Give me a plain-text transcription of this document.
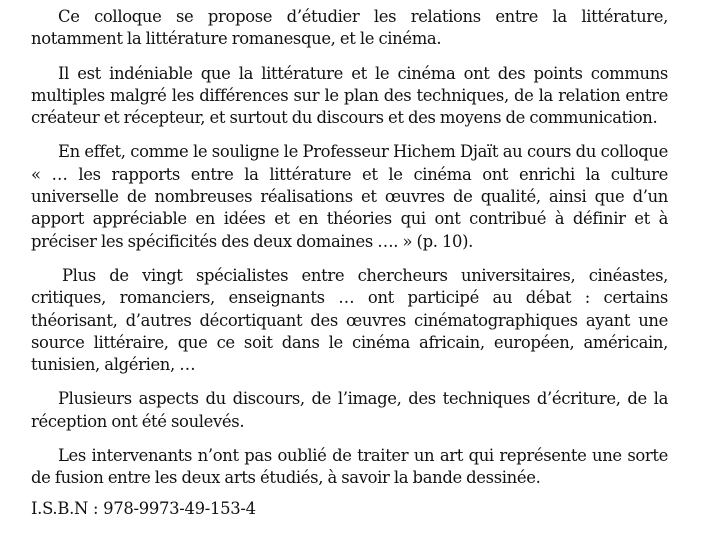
Ce colloque se propose d’étudier les relations entre la littérature, notamment la littérature romanesque, et le cinéma.

Il est indéniable que la littérature et le cinéma ont des points communs multiples malgré les différences sur le plan des techniques, de la relation entre créateur et récepteur, et surtout du discours et des moyens de communication.

En effet, comme le souligne le Professeur Hichem Djaït au cours du colloque « … les rapports entre la littérature et le cinéma ont enrichi la culture universelle de nombreuses réalisations et œuvres de qualité, ainsi que d’un apport appréciable en idées et en théories qui ont contribué à définir et à préciser les spécificités des deux domaines …. » (p. 10).

Plus de vingt spécialistes entre chercheurs universitaires, cinéastes, critiques, romanciers, enseignants … ont participé au débat : certains théorisant, d’autres décortiquant des œuvres cinématographiques ayant une source littéraire, que ce soit dans le cinéma africain, européen, américain, tunisien, algérien, …

Plusieurs aspects du discours, de l’image, des techniques d’écriture, de la réception ont été soulevés.

Les intervenants n’ont pas oublié de traiter un art qui représente une sorte de fusion entre les deux arts étudiés, à savoir la bande dessinée.

I.S.B.N : 978-9973-49-153-4
